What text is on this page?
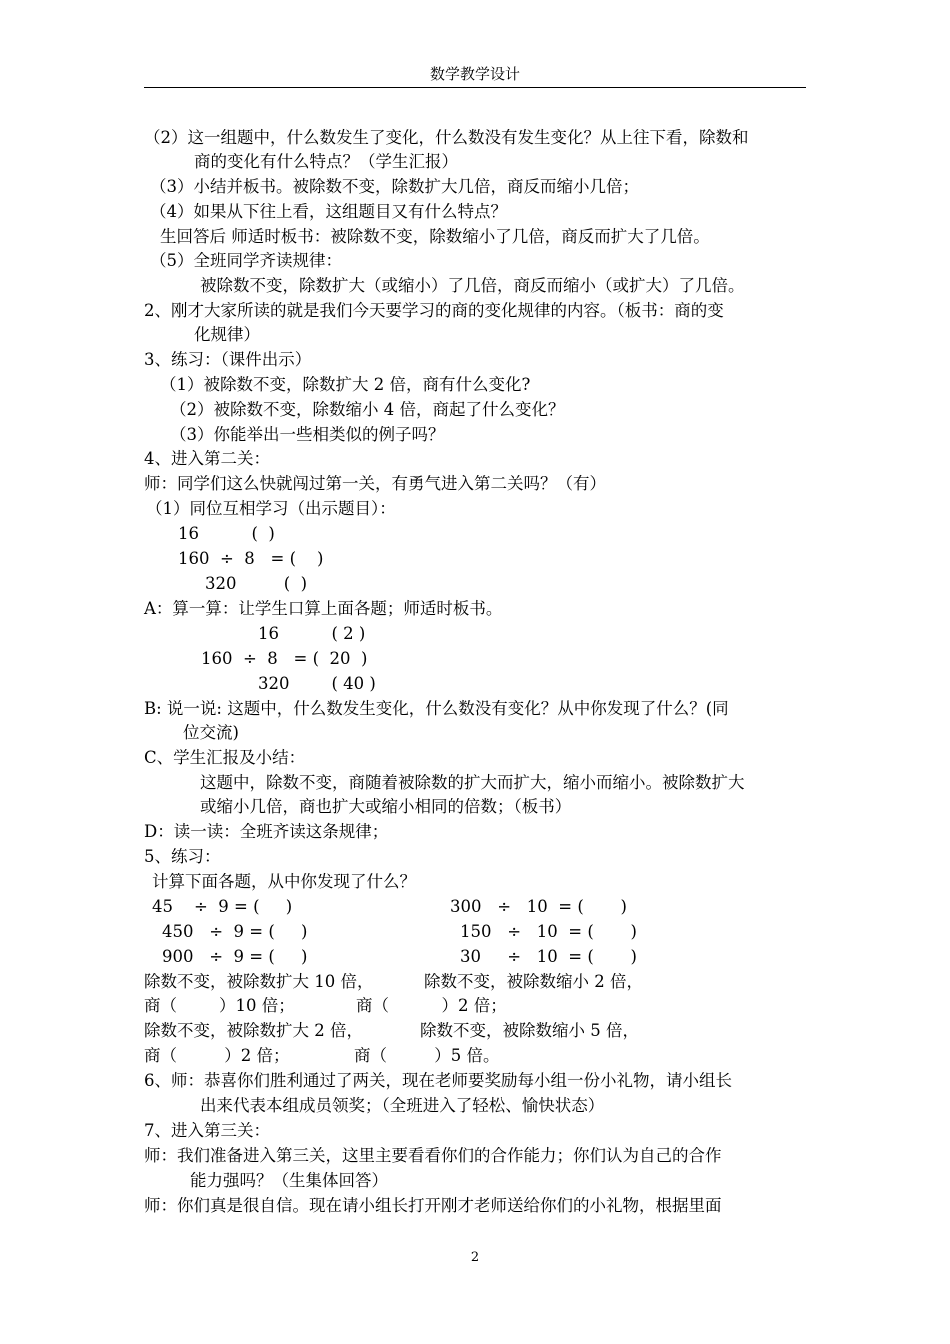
数学教学设计
（2）这一组题中，什么数发生了变化，什么数没有发生变化？从上往下看，除数和
商的变化有什么特点？（学生汇报）
（3）小结并板书。被除数不变，除数扩大几倍，商反而缩小几倍；
（4）如果从下往上看，这组题目又有什么特点？
生回答后 师适时板书：被除数不变，除数缩小了几倍，商反而扩大了几倍。
（5）全班同学齐读规律：
被除数不变，除数扩大（或缩小）了几倍，商反而缩小（或扩大）了几倍。
2、刚才大家所读的就是我们今天要学习的商的变化规律的内容。（板书：商的变
化规律）
3、练习：（课件出示）
（1）被除数不变，除数扩大 2 倍，商有什么变化?
（2）被除数不变，除数缩小 4 倍，商起了什么变化？
（3）你能举出一些相类似的例子吗？
4、进入第二关：
师：同学们这么快就闯过第一关，有勇气进入第二关吗？（有）
（1）同位互相学习（出示题目）：
16          (  )
160  ÷  8   = (    )
320         (  )
A：算一算：让学生口算上面各题；师适时板书。
16          ( 2 )
160  ÷  8   = (  20  )
320        ( 40 )
B: 说一说: 这题中，什么数发生变化，什么数没有变化？从中你发现了什么？(同
位交流)
C、学生汇报及小结：
这题中，除数不变，商随着被除数的扩大而扩大，缩小而缩小。被除数扩大
或缩小几倍，商也扩大或缩小相同的倍数；（板书）
D：读一读：全班齐读这条规律；
5、练习：
计算下面各题，从中你发现了什么？
45    ÷  9 = (     )	300   ÷   10  = (       )
450   ÷  9 = (     )	150   ÷   10  = (       )
900   ÷  9 = (     )	30     ÷   10  = (       )
除数不变，被除数扩大 10 倍，	除数不变，被除数缩小 2 倍，
商（        ）10 倍；	商（          ）2 倍；
除数不变，被除数扩大 2 倍，	除数不变，被除数缩小 5 倍，
商（         ）2 倍；	商（         ）5 倍。
6、师：恭喜你们胜利通过了两关，现在老师要奖励每小组一份小礼物，请小组长
出来代表本组成员领奖；（全班进入了轻松、愉快状态）
7、进入第三关：
师：我们准备进入第三关，这里主要看看你们的合作能力；你们认为自己的合作
能力强吗？（生集体回答）
师：你们真是很自信。现在请小组长打开刚才老师送给你们的小礼物，根据里面
2
